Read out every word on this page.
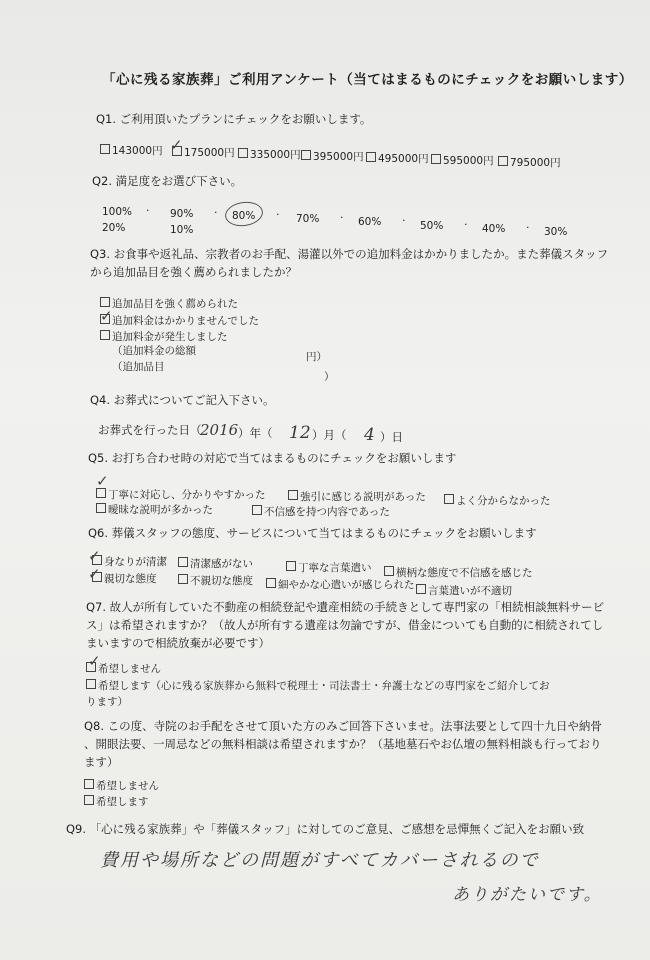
「心に残る家族葬」ご利用アンケート（当てはまるものにチェックをお願いします）
Q1. ご利用頂いたプランにチェックをお願いします。
143000円	175000円	335000円	395000円	495000円	595000円	795000円
✓
Q2. 満足度をお選び下さい。
100% · 90% · 80% · 70% · 60% · 50% · 40% · 30%
20%	10%
Q3. お食事や返礼品、宗教者のお手配、湯灌以外での追加料金はかかりましたか。また葬儀スタッフ
から追加品目を強く薦められましたか？
追加品目を強く薦められた
追加料金はかかりませんでした
追加料金が発生しました
✓
（追加料金の総額	円）
（追加品目
）
Q4. お葬式についてご記入下さい。
お葬式を行った日（
2016 ）年（ 12 ）月（ 4 ）日
Q5. お打ち合わせ時の対応で当てはまるものにチェックをお願いします
丁寧に対応し、分かりやすかった	強引に感じる説明があった	よく分からなかった
曖昧な説明が多かった	不信感を持つ内容であった
✓
Q6. 葬儀スタッフの態度、サービスについて当てはまるものにチェックをお願いします
身なりが清潔	清潔感がない	丁寧な言葉遣い	横柄な態度で不信感を感じた
親切な態度	不親切な態度	細やかな心遣いが感じられた	言葉遣いが不適切
✓
✓
Q7. 故人が所有していた不動産の相続登記や遺産相続の手続きとして専門家の「相続相談無料サービ
ス」は希望されますか？（故人が所有する遺産は勿論ですが、借金についても自動的に相続されてし
まいますので相続放棄が必要です）
希望しません
✓
希望します（心に残る家族葬から無料で税理士・司法書士・弁護士などの専門家をご紹介してお
ります）
Q8. この度、寺院のお手配をさせて頂いた方のみご回答下さいませ。法事法要として四十九日や納骨
、開眼法要、一周忌などの無料相談は希望されますか？（基地墓石やお仏壇の無料相談も行っており
ます）
希望しません
希望します
Q9. 「心に残る家族葬」や「葬儀スタッフ」に対してのご意見、ご感想を忌憚無くご記入をお願い致
費用や場所などの問題がすべてカバーされるので
ありがたいです。
